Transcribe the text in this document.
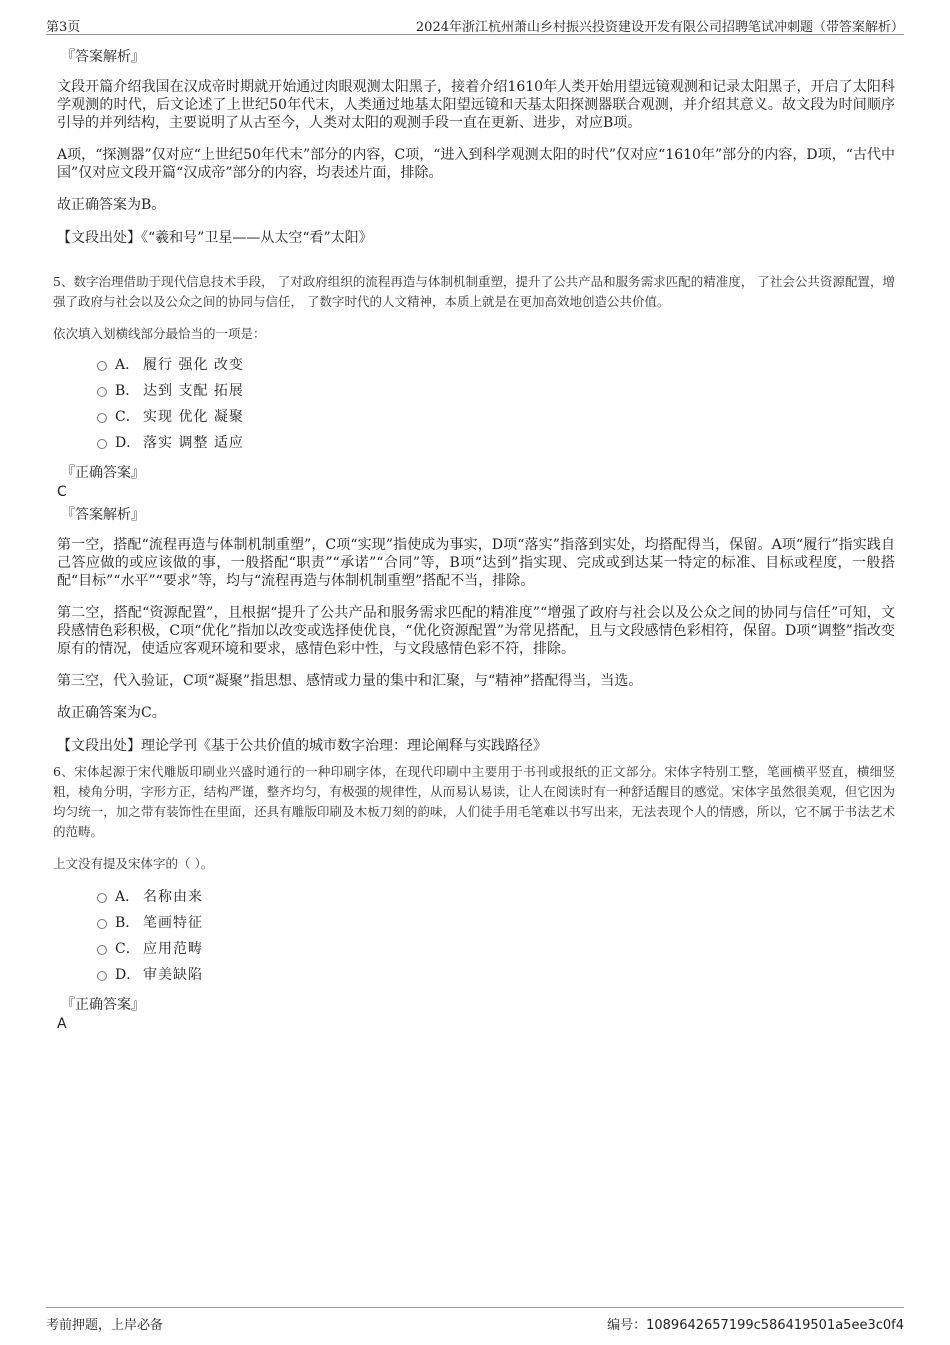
第3页	2024年浙江杭州萧山乡村振兴投资建设开发有限公司招聘笔试冲刺题（带答案解析）

『答案解析』

文段开篇介绍我国在汉成帝时期就开始通过肉眼观测太阳黑子，接着介绍1610年人类开始用望远镜观测和记录太阳黑子，开启了太阳科学观测的时代，后文论述了上世纪50年代末，人类通过地基太阳望远镜和天基太阳探测器联合观测，并介绍其意义。故文段为时间顺序引导的并列结构，主要说明了从古至今，人类对太阳的观测手段一直在更新、进步，对应B项。

A项，“探测器”仅对应“上世纪50年代末”部分的内容，C项，“进入到科学观测太阳的时代”仅对应“1610年”部分的内容，D项，“古代中国”仅对应文段开篇“汉成帝”部分的内容，均表述片面，排除。

故正确答案为B。

【文段出处】《“羲和号”卫星——从太空“看”太阳》

5、数字治理借助于现代信息技术手段， 了对政府组织的流程再造与体制机制重塑，提升了公共产品和服务需求匹配的精准度， 了社会公共资源配置，增强了政府与社会以及公众之间的协同与信任， 了数字时代的人文精神，本质上就是在更加高效地创造公共价值。

依次填入划横线部分最恰当的一项是：

A． 履行 强化 改变
B． 达到 支配 拓展
C． 实现 优化 凝聚
D． 落实 调整 适应

『正确答案』

C

『答案解析』

第一空，搭配“流程再造与体制机制重塑”，C项“实现”指使成为事实，D项“落实”指落到实处，均搭配得当，保留。A项“履行”指实践自己答应做的或应该做的事，一般搭配“职责”“承诺”“合同”等，B项“达到”指实现、完成或到达某一特定的标准、目标或程度，一般搭配“目标”“水平”“要求”等，均与“流程再造与体制机制重塑”搭配不当，排除。

第二空，搭配“资源配置”，且根据“提升了公共产品和服务需求匹配的精准度”“增强了政府与社会以及公众之间的协同与信任”可知，文段感情色彩积极，C项“优化”指加以改变或选择使优良，“优化资源配置”为常见搭配，且与文段感情色彩相符，保留。D项“调整”指改变原有的情况，使适应客观环境和要求，感情色彩中性，与文段感情色彩不符，排除。

第三空，代入验证，C项“凝聚”指思想、感情或力量的集中和汇聚，与“精神”搭配得当，当选。

故正确答案为C。

【文段出处】理论学刊《基于公共价值的城市数字治理：理论阐释与实践路径》

6、宋体起源于宋代雕版印刷业兴盛时通行的一种印刷字体，在现代印刷中主要用于书刊或报纸的正文部分。宋体字特别工整，笔画横平竖直，横细竖粗，棱角分明，字形方正，结构严谨，整齐均匀，有极强的规律性，从而易认易读，让人在阅读时有一种舒适醒目的感觉。宋体字虽然很美观，但它因为均匀统一，加之带有装饰性在里面，还具有雕版印刷及木板刀刻的韵味，人们徒手用毛笔难以书写出来，无法表现个人的情感，所以，它不属于书法艺术的范畴。

上文没有提及宋体字的（ ）。

A． 名称由来
B． 笔画特征
C． 应用范畴
D． 审美缺陷

『正确答案』

A

考前押题，上岸必备	编号：1089642657199c586419501a5ee3c0f4
